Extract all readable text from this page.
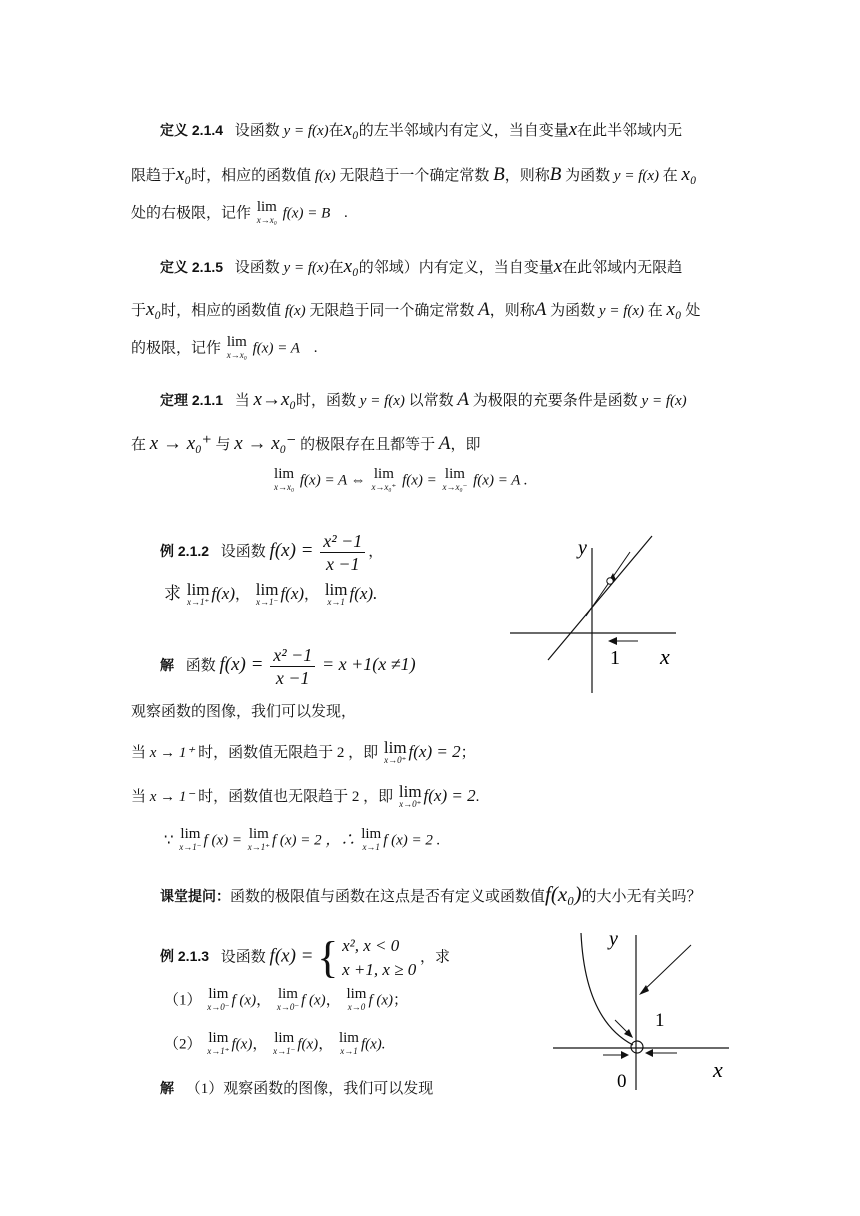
定义 2.1.4 设函数 y = f(x)在x₀的左半邻域内有定义，当自变量x在此半邻域内无
限趋于x₀时，相应的函数值 f(x) 无限趋于一个确定常数 B，则称B 为函数 y = f(x) 在 x₀
处的右极限，记作 lim
x→x₀ f(x) = B .
定义 2.1.5 设函数 y = f(x)在x₀的邻域）内有定义，当自变量x在此邻域内无限趋
于x₀时，相应的函数值 f(x) 无限趋于同一个确定常数 A，则称A 为函数 y = f(x) 在 x₀ 处
的极限，记作 lim
x→x₀ f(x) = A .
定理 2.1.1 当 x→x₀时，函数 y = f(x) 以常数 A 为极限的充要条件是函数 y = f(x)
在 x → x₀⁺ 与 x → x₀⁻ 的极限存在且都等于 A，即
lim
x→x₀ f(x) = A ⇔ lim
x→x₀⁺ f(x) = lim
x→x₀⁻ f(x) = A .
例 2.1.2 设函数 $f(x) = \frac{\text{x² −1}}{x -1}$ ，
求 lim
x→1⁺ f(x)， lim
x→1⁻ f(x)， lim
x→1 f(x).
解 函数 $f(x) = \frac{\text{x² −1}}{x -1} = x +1(x \ne 1)$
y
x
1
观察函数的图像，我们可以发现，
当 x → 1⁺ 时，函数值无限趋于 2 ，即 lim
x→0⁺ f(x) = 2；
当 x → 1⁻ 时，函数值也无限趋于 2 ，即 lim
x→0⁺ f(x) = 2.
∵ lim
x→1⁻ f (x) = lim
x→1⁺ f (x) = 2 ，∴ lim
x→1 f (x) = 2 .
课堂提问：函数的极限值与函数在这点是否有定义或函数值f(x₀)的大小无有关吗？
例 2.1.3 设函数 f(x) = { x², x < 0
x +1, x ≥ 0
，求
（1） lim
x→0⁻ f (x)， lim
x→0⁻ f (x)， lim
x→0 f (x)；
（2） lim
x→1⁺ f(x)， lim
x→1⁻ f(x)， lim
x→1 f(x).
解 （1）观察函数的图像，我们可以发现
y
x
1
0
